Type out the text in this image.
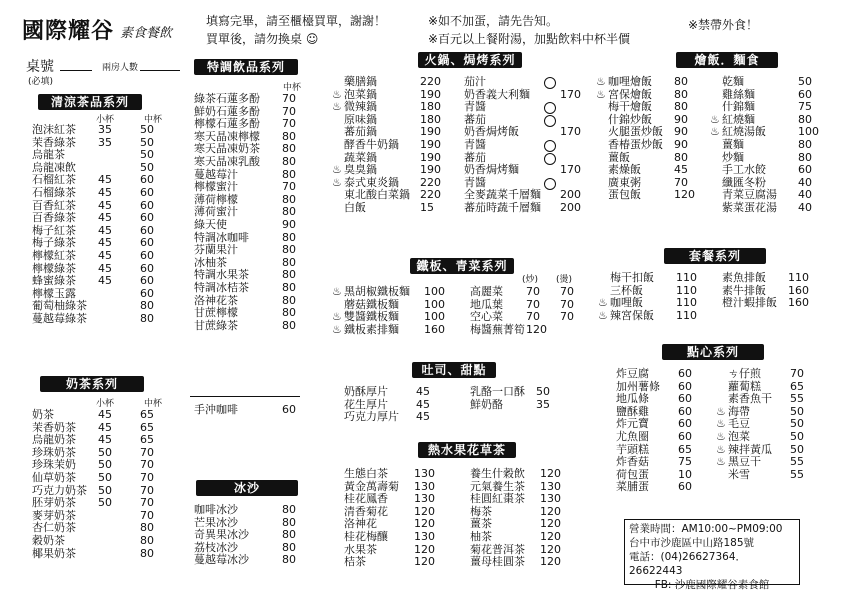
國際耀谷 素食餐飲
填寫完畢，請至櫃檯買單，謝謝！
買單後，請勿換桌 ☺
※如不加蛋，請先告知。
※百元以上餐附湯，加點飲料中杯半價
※禁帶外食！
桌號
(必填)
兩房人數
清涼茶品系列
小杯	中杯
泡沫紅茶 35	50
茉香綠茶 35	50
烏龍茶	50
烏龍凍飲	50
石榴紅茶 45	60
石榴綠茶 45	60
百香紅茶 45	60
百香綠茶 45	60
梅子紅茶 45	60
梅子綠茶 45	60
檸檬紅茶 45	60
檸檬綠茶 45	60
蜂蜜綠茶 45	60
檸檬玉露	60
葡萄柚綠茶	80
蔓越莓綠茶	80
奶茶系列
小杯	中杯
奶茶	45	65
茉香奶茶 45	65
烏龍奶茶 45	65
珍珠奶茶 50	70
珍珠茉奶 50	70
仙草奶茶 50	70
巧克力奶茶 50	70
胚芽奶茶 50	70
麥芽奶茶	70
杏仁奶茶	80
穀奶茶	80
椰果奶茶	80
特調飲品系列
中杯
綠茶石蓮多酚 70
鮮奶石蓮多酚 70
檸檬石蓮多酚 70
寒天晶凍檸檬 80
寒天晶凍奶茶 80
寒天晶凍乳酸 80
蔓越莓汁	80
檸檬蜜汁	70
薄荷檸檬	80
薄荷蜜汁	80
綠天使	90
特調冰咖啡	80
芬蘭果汁	80
冰柚茶	80
特調水果茶	80
特調冰桔茶	80
洛神花茶	80
甘蔗檸檬	80
甘蔗綠茶	80
手沖咖啡	60
冰沙
咖啡冰沙	80
芒果冰沙	80
奇異果冰沙	80
荔枝冰沙	80
蔓越莓冰沙	80
火鍋、焗烤系列
藥膳鍋	220
♨ 泡菜鍋	190
♨ 微辣鍋	180
原味鍋	180
蕃茄鍋	190
酵香牛奶鍋 190
蔬菜鍋	190
♨ 臭臭鍋	190
♨ 泰式東炎鍋 220
東北酸白菜鍋 220
白飯	15
茄汁
奶香義大利麵	170
青醬
蕃茄
奶香焗烤飯	170
青醬
蕃茄
奶香焗烤麵	170
青醬
全麥蔬菜千層麵 200
蕃茄時蔬千層麵 200
鐵板、青菜系列
(炒) (燙)
♨ 黑胡椒鐵板麵 100
蘑菇鐵板麵 100
♨ 雙醬鐵板麵 100
♨ 鐵板素排麵 160
高麗菜 70 70
地瓜葉 70 70
空心菜 70 70
梅醬蕪菁筍 120
吐司、甜點
奶酥厚片	45
花生厚片	45
巧克力厚片 45
乳酪一口酥 50
鮮奶酪	35
熱水果花草茶(壺)
生態白茶 130
黃金萬壽菊 130
桂花鳳香 130
清香菊花 120
洛神花	120
桂花梅釀 130
水果茶	120
桔茶	120
養生什穀飲 120
元氣養生茶 130
桂圓紅棗茶 130
梅茶	120
薑茶	120
柚茶	120
菊花普洱茶 120
薑母桂圓茶 120
燴飯．麵食
♨ 咖哩燴飯 80
♨ 宮保燴飯 80
梅干燴飯 80
什錦炒飯 90
火腿蛋炒飯 90
香椿蛋炒飯 90
薑飯	80
素燥飯	45
廣東粥	70
蛋包飯	120
乾麵	50
雞絲麵	60
什錦麵	75
♨ 紅燒麵	80
♨ 紅燒湯飯	100
薑麵	80
炒麵	80
手工水餃	60
纖匯冬粉	40
青菜豆腐湯 40
紫菜蛋花湯 40
套餐系列
梅干扣飯 110
三杯飯	110
♨ 咖哩飯	110
♨ 辣宮保飯 110
素魚排飯 110
素牛排飯 160
橙汁蝦排飯 160
點心系列
炸豆腐	60
加州薯條 60
地瓜條	60
鹽酥雞	60
炸元寶	60
尤魚圈	60
芋頭糕	65
炸香菇	75
荷包蛋	10
菜脯蛋	60
ㄘ仔煎	70
蘿蔔糕	65
素香魚干 55
♨ 海帶	50
♨ 毛豆	50
♨ 泡菜	50
♨ 辣拌黃瓜 50
♨ 黑豆干	55
米雪	55
營業時間：AM10:00~PM09:00
台中市沙鹿區中山路185號
電話：(04)26627364．26622443
FB: 沙鹿國際耀谷素食館
